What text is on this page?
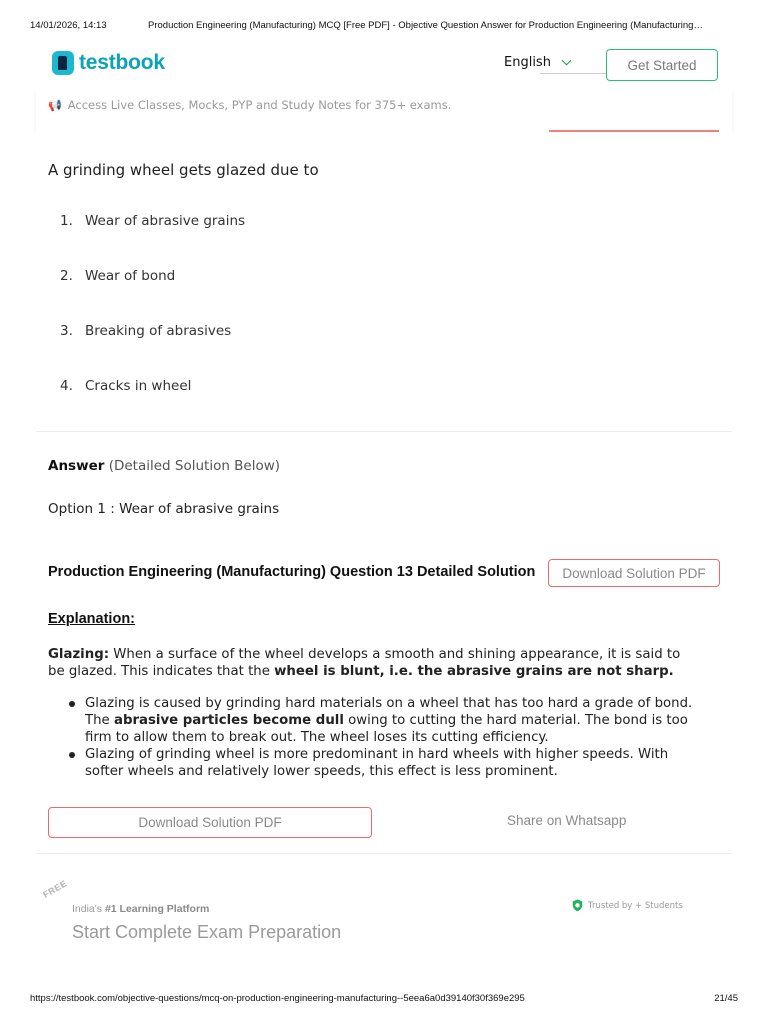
14/01/2026, 14:13	Production Engineering (Manufacturing) MCQ [Free PDF] - Objective Question Answer for Production Engineering (Manufacturing…
testbook	English	Get Started
📢 Access Live Classes, Mocks, PYP and Study Notes for 375+ exams.
A grinding wheel gets glazed due to
1. Wear of abrasive grains
2. Wear of bond
3. Breaking of abrasives
4. Cracks in wheel
Answer (Detailed Solution Below)
Option 1 : Wear of abrasive grains
Production Engineering (Manufacturing) Question 13 Detailed Solution	Download Solution PDF
Explanation:

Glazing: When a surface of the wheel develops a smooth and shining appearance, it is said to be glazed. This indicates that the wheel is blunt, i.e. the abrasive grains are not sharp.

Glazing is caused by grinding hard materials on a wheel that has too hard a grade of bond. The abrasive particles become dull owing to cutting the hard material. The bond is too firm to allow them to break out. The wheel loses its cutting efficiency.
Glazing of grinding wheel is more predominant in hard wheels with higher speeds. With softer wheels and relatively lower speeds, this effect is less prominent.
Download Solution PDF	Share on Whatsapp
FREE
India's #1 Learning Platform
Start Complete Exam Preparation
Trusted by + Students
https://testbook.com/objective-questions/mcq-on-production-engineering-manufacturing--5eea6a0d39140f30f369e295	21/45
